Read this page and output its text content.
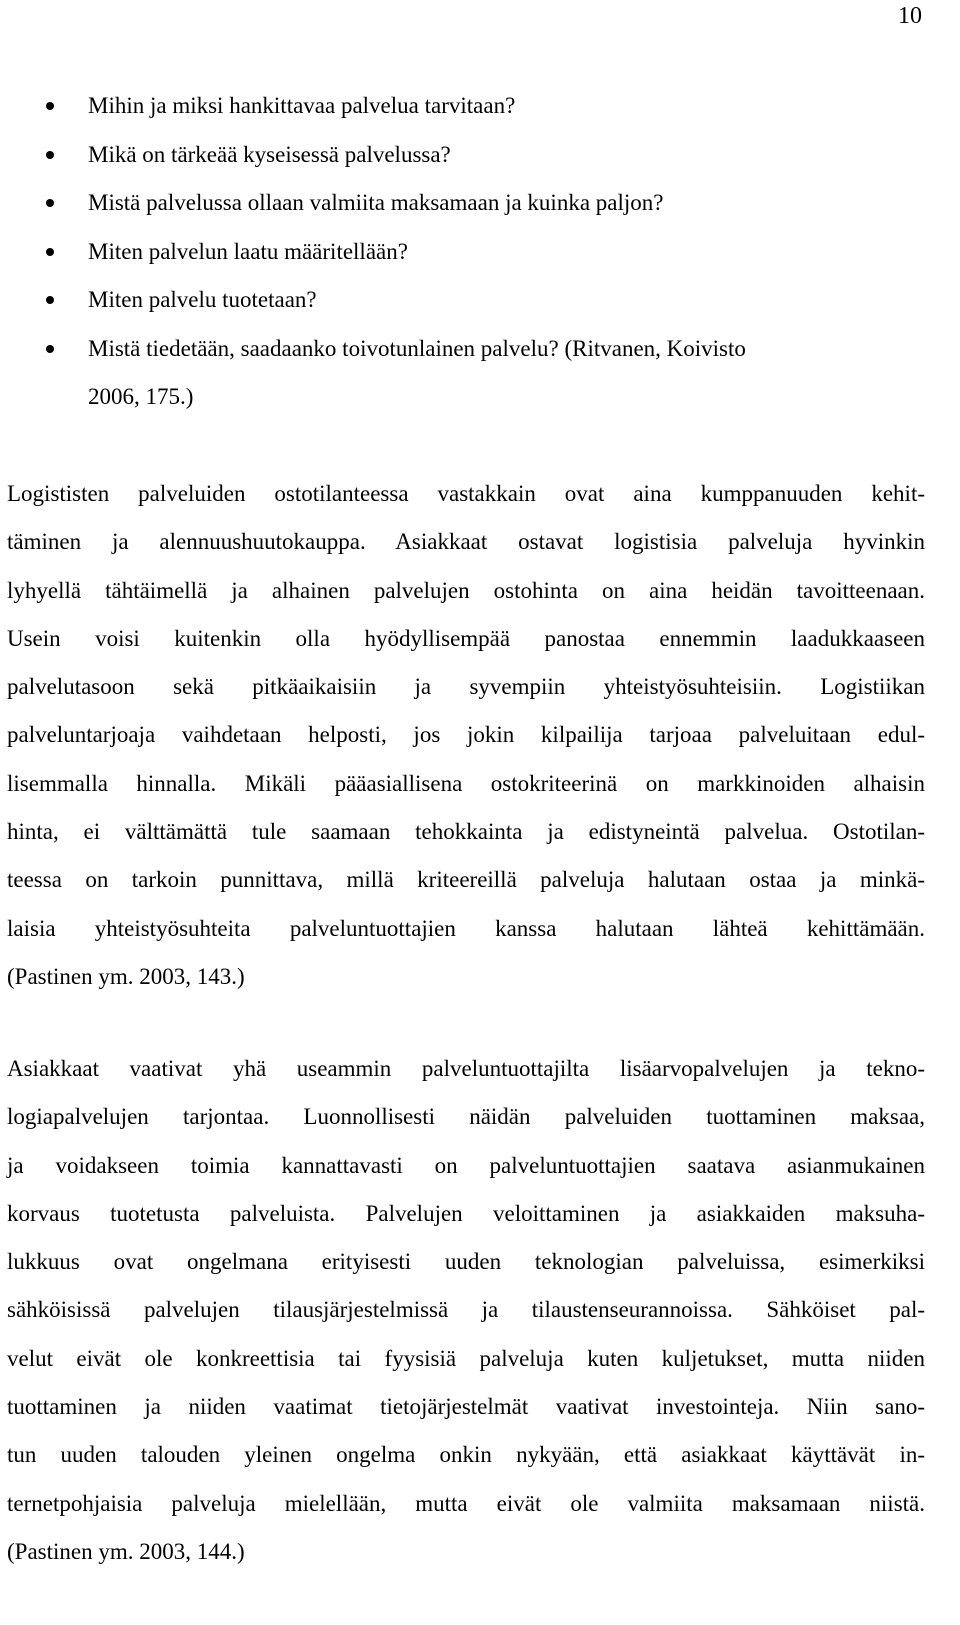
10
Mihin ja miksi hankittavaa palvelua tarvitaan?
Mikä on tärkeää kyseisessä palvelussa?
Mistä palvelussa ollaan valmiita maksamaan ja kuinka paljon?
Miten palvelun laatu määritellään?
Miten palvelu tuotetaan?
Mistä tiedetään, saadaanko toivotunlainen palvelu? (Ritvanen, Koivisto
2006, 175.)

Logististen palveluiden ostotilanteessa vastakkain ovat aina kumppanuuden kehit-
täminen ja alennuushuutokauppa. Asiakkaat ostavat logistisia palveluja hyvinkin
lyhyellä tähtäimellä ja alhainen palvelujen ostohinta on aina heidän tavoitteenaan.
Usein voisi kuitenkin olla hyödyllisempää panostaa ennemmin laadukkaaseen
palvelutasoon sekä pitkäaikaisiin ja syvempiin yhteistyösuhteisiin. Logistiikan
palveluntarjoaja vaihdetaan helposti, jos jokin kilpailija tarjoaa palveluitaan edul-
lisemmalla hinnalla. Mikäli pääasiallisena ostokriteerinä on markkinoiden alhaisin
hinta, ei välttämättä tule saamaan tehokkainta ja edistyneintä palvelua. Ostotilan-
teessa on tarkoin punnittava, millä kriteereillä palveluja halutaan ostaa ja minkä-
laisia yhteistyösuhteita palveluntuottajien kanssa halutaan lähteä kehittämään.
(Pastinen ym. 2003, 143.)

Asiakkaat vaativat yhä useammin palveluntuottajilta lisäarvopalvelujen ja tekno-
logiapalvelujen tarjontaa. Luonnollisesti näidän palveluiden tuottaminen maksaa,
ja voidakseen toimia kannattavasti on palveluntuottajien saatava asianmukainen
korvaus tuotetusta palveluista. Palvelujen veloittaminen ja asiakkaiden maksuha-
lukkuus ovat ongelmana erityisesti uuden teknologian palveluissa, esimerkiksi
sähköisissä palvelujen tilausjärjestelmissä ja tilaustenseurannoissa. Sähköiset pal-
velut eivät ole konkreettisia tai fyysisiä palveluja kuten kuljetukset, mutta niiden
tuottaminen ja niiden vaatimat tietojärjestelmät vaativat investointeja. Niin sano-
tun uuden talouden yleinen ongelma onkin nykyään, että asiakkaat käyttävät in-
ternetpohjaisia palveluja mielellään, mutta eivät ole valmiita maksamaan niistä.
(Pastinen ym. 2003, 144.)
